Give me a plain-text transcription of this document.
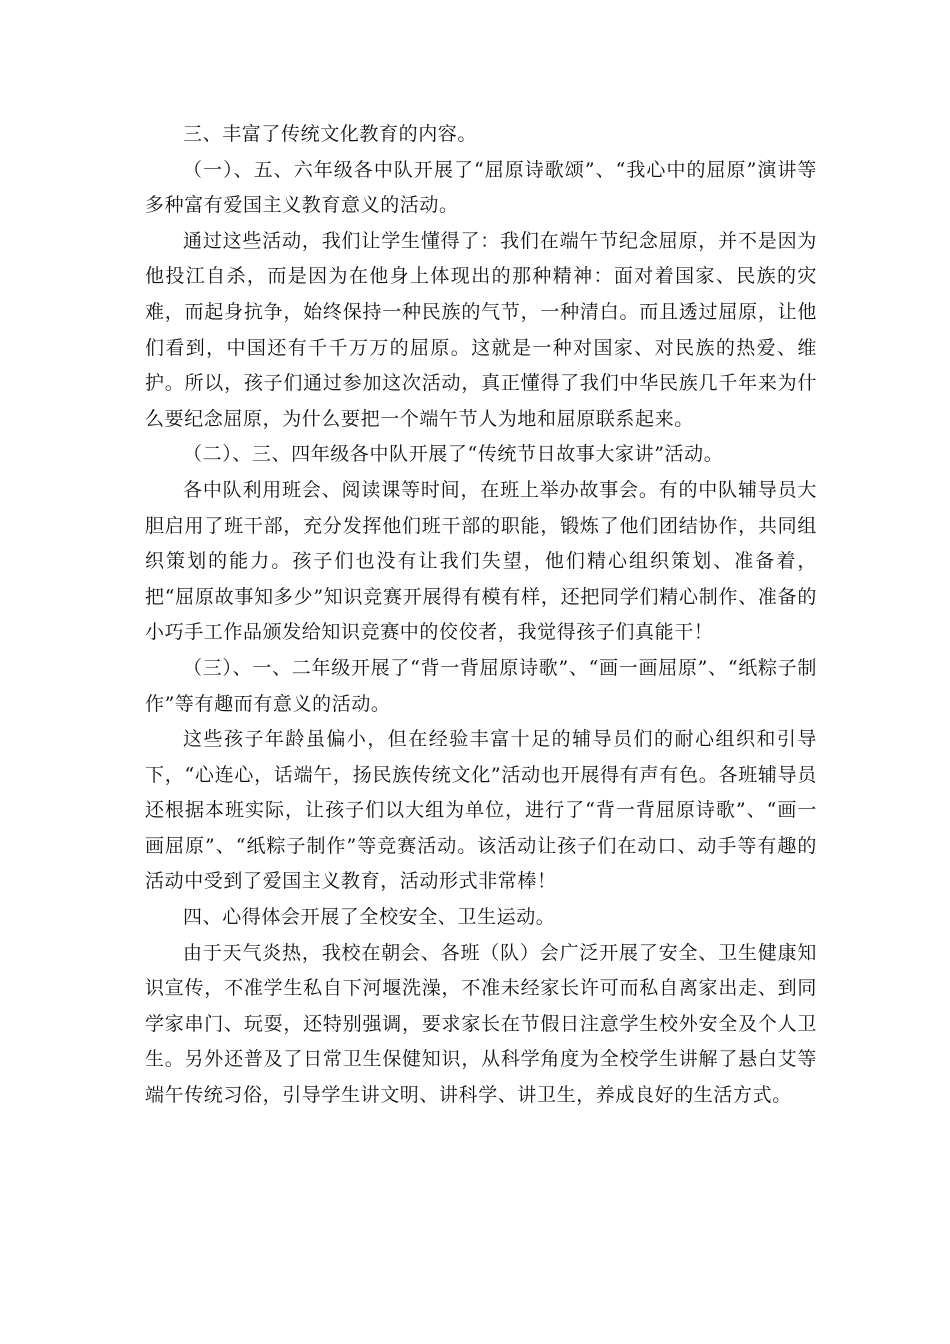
三、丰富了传统文化教育的内容。

（一）、五、六年级各中队开展了“屈原诗歌颂”、“我心中的屈原”演讲等多种富有爱国主义教育意义的活动。

通过这些活动，我们让学生懂得了：我们在端午节纪念屈原，并不是因为他投江自杀，而是因为在他身上体现出的那种精神：面对着国家、民族的灾难，而起身抗争，始终保持一种民族的气节，一种清白。而且透过屈原，让他们看到，中国还有千千万万的屈原。这就是一种对国家、对民族的热爱、维护。所以，孩子们通过参加这次活动，真正懂得了我们中华民族几千年来为什么要纪念屈原，为什么要把一个端午节人为地和屈原联系起来。

（二）、三、四年级各中队开展了“传统节日故事大家讲”活动。

各中队利用班会、阅读课等时间，在班上举办故事会。有的中队辅导员大胆启用了班干部，充分发挥他们班干部的职能，锻炼了他们团结协作，共同组织策划的能力。孩子们也没有让我们失望，他们精心组织策划、准备着，把“屈原故事知多少”知识竞赛开展得有模有样，还把同学们精心制作、准备的小巧手工作品颁发给知识竞赛中的佼佼者，我觉得孩子们真能干！

（三）、一、二年级开展了“背一背屈原诗歌”、“画一画屈原”、“纸粽子制作”等有趣而有意义的活动。

这些孩子年龄虽偏小，但在经验丰富十足的辅导员们的耐心组织和引导下，“心连心，话端午，扬民族传统文化”活动也开展得有声有色。各班辅导员还根据本班实际，让孩子们以大组为单位，进行了“背一背屈原诗歌”、“画一画屈原”、“纸粽子制作”等竞赛活动。该活动让孩子们在动口、动手等有趣的活动中受到了爱国主义教育，活动形式非常棒！

四、心得体会开展了全校安全、卫生运动。

由于天气炎热，我校在朝会、各班（队）会广泛开展了安全、卫生健康知识宣传，不准学生私自下河堰洗澡，不准未经家长许可而私自离家出走、到同学家串门、玩耍，还特别强调，要求家长在节假日注意学生校外安全及个人卫生。另外还普及了日常卫生保健知识，从科学角度为全校学生讲解了悬白艾等端午传统习俗，引导学生讲文明、讲科学、讲卫生，养成良好的生活方式。
